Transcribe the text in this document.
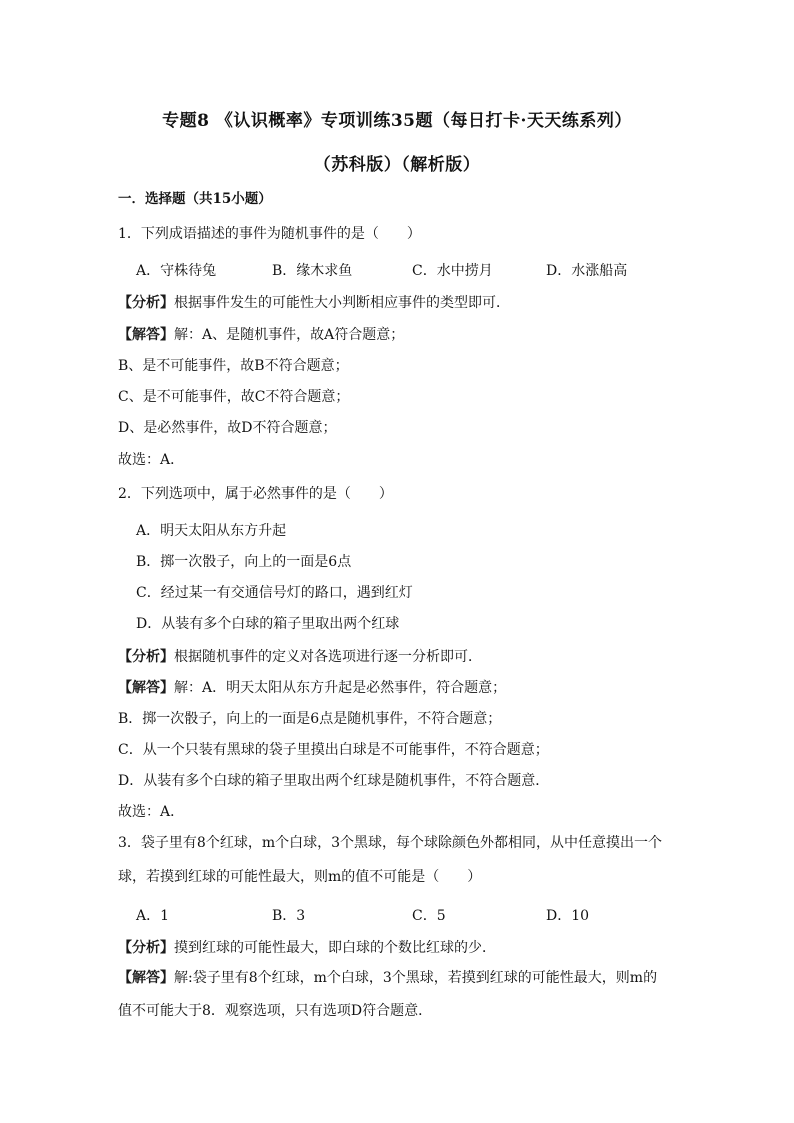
专题8 《认识概率》专项训练35题（每日打卡·天天练系列）
（苏科版）（解析版）
一．选择题（共15小题）
1．下列成语描述的事件为随机事件的是（　　）
A．守株待兔	B．缘木求鱼	C．水中捞月	D．水涨船高
【分析】根据事件发生的可能性大小判断相应事件的类型即可．
【解答】解：A、是随机事件，故A符合题意；
B、是不可能事件，故B不符合题意；
C、是不可能事件，故C不符合题意；
D、是必然事件，故D不符合题意；
故选：A．
2．下列选项中，属于必然事件的是（　　）
A．明天太阳从东方升起
B．掷一次骰子，向上的一面是6点
C．经过某一有交通信号灯的路口，遇到红灯
D．从装有多个白球的箱子里取出两个红球
【分析】根据随机事件的定义对各选项进行逐一分析即可．
【解答】解：A．明天太阳从东方升起是必然事件，符合题意；
B．掷一次骰子，向上的一面是6点是随机事件，不符合题意；
C．从一个只装有黑球的袋子里摸出白球是不可能事件，不符合题意；
D．从装有多个白球的箱子里取出两个红球是随机事件，不符合题意．
故选：A．
3．袋子里有8个红球，m个白球，3个黑球，每个球除颜色外都相同，从中任意摸出一个
球，若摸到红球的可能性最大，则m的值不可能是（　　）
A．1	B．3	C．5	D．10
【分析】摸到红球的可能性最大，即白球的个数比红球的少．
【解答】解:袋子里有8个红球，m个白球，3个黑球，若摸到红球的可能性最大，则m的
值不可能大于8．观察选项，只有选项D符合题意．
